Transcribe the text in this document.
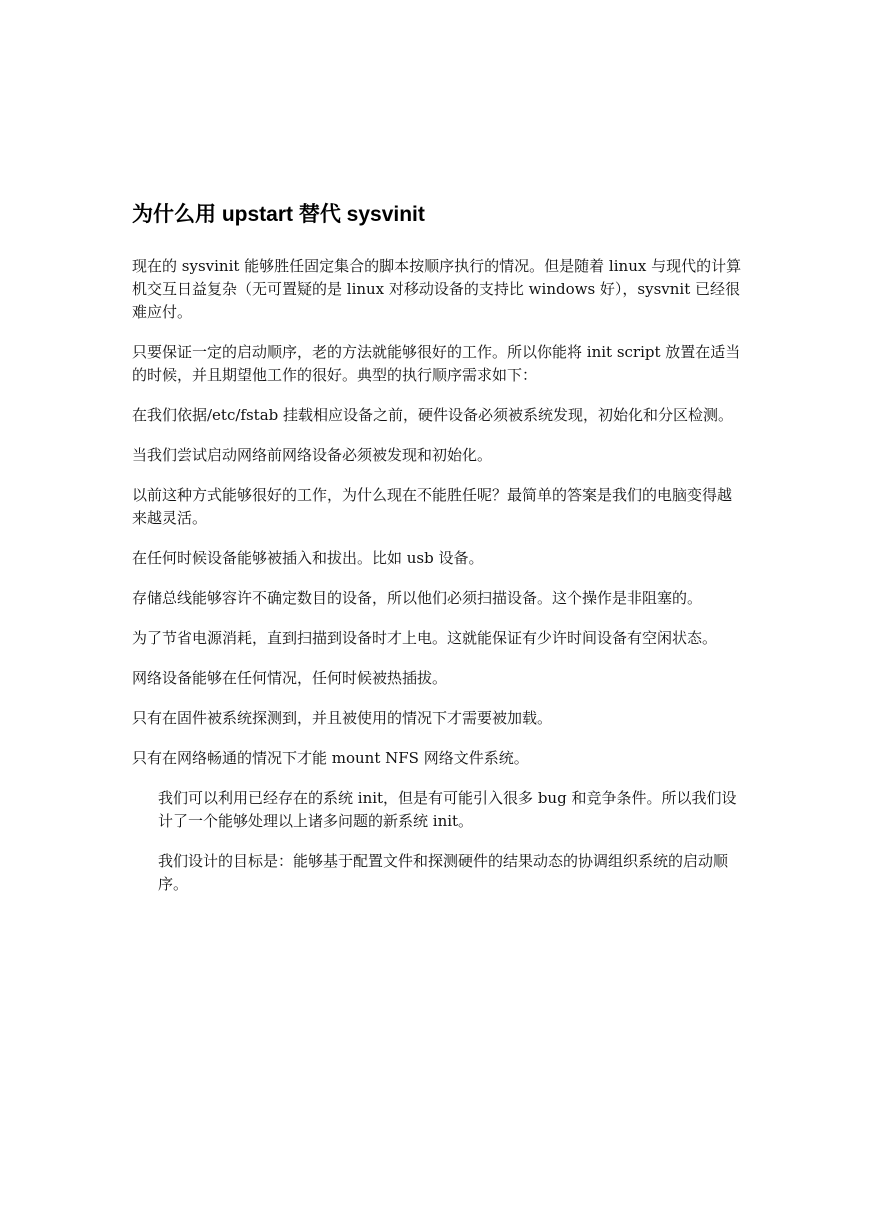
为什么用 upstart 替代 sysvinit

现在的 sysvinit 能够胜任固定集合的脚本按顺序执行的情况。但是随着 linux 与现代的计算机交互日益复杂（无可置疑的是 linux 对移动设备的支持比 windows 好），sysvnit 已经很难应付。

只要保证一定的启动顺序，老的方法就能够很好的工作。所以你能将 init script 放置在适当的时候，并且期望他工作的很好。典型的执行顺序需求如下：

在我们依据/etc/fstab 挂载相应设备之前，硬件设备必须被系统发现，初始化和分区检测。

当我们尝试启动网络前网络设备必须被发现和初始化。

以前这种方式能够很好的工作，为什么现在不能胜任呢？最简单的答案是我们的电脑变得越来越灵活。

在任何时候设备能够被插入和拔出。比如 usb 设备。

存储总线能够容许不确定数目的设备，所以他们必须扫描设备。这个操作是非阻塞的。

为了节省电源消耗，直到扫描到设备时才上电。这就能保证有少许时间设备有空闲状态。

网络设备能够在任何情况，任何时候被热插拔。

只有在固件被系统探测到，并且被使用的情况下才需要被加载。

只有在网络畅通的情况下才能 mount NFS 网络文件系统。

我们可以利用已经存在的系统 init，但是有可能引入很多 bug 和竞争条件。所以我们设计了一个能够处理以上诸多问题的新系统 init。

我们设计的目标是：能够基于配置文件和探测硬件的结果动态的协调组织系统的启动顺序。
